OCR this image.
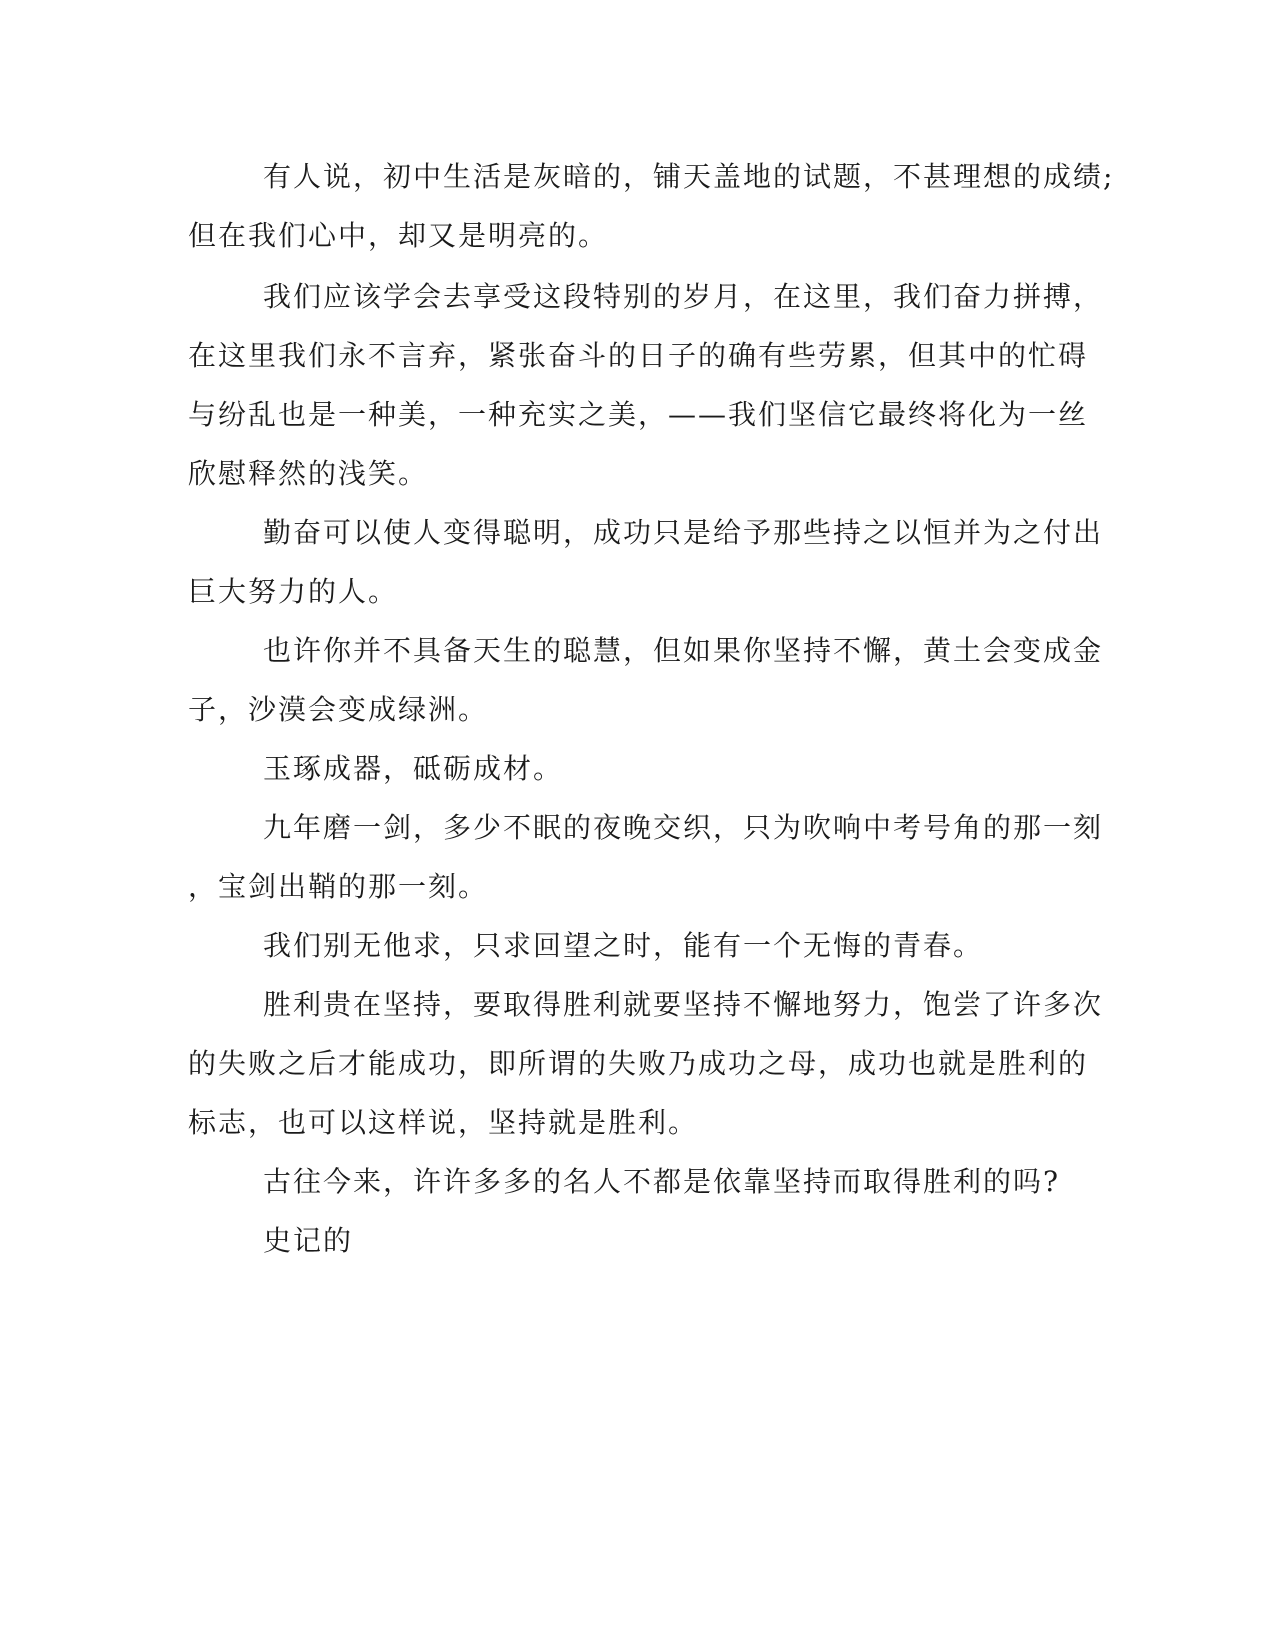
有人说，初中生活是灰暗的，铺天盖地的试题，不甚理想的成绩;
但在我们心中，却又是明亮的。
我们应该学会去享受这段特别的岁月，在这里，我们奋力拼搏，
在这里我们永不言弃，紧张奋斗的日子的确有些劳累，但其中的忙碍
与纷乱也是一种美，一种充实之美，——我们坚信它最终将化为一丝
欣慰释然的浅笑。
勤奋可以使人变得聪明，成功只是给予那些持之以恒并为之付出
巨大努力的人。
也许你并不具备天生的聪慧，但如果你坚持不懈，黄土会变成金
子，沙漠会变成绿洲。
玉琢成器，砥砺成材。
九年磨一剑，多少不眠的夜晚交织，只为吹响中考号角的那一刻
，宝剑出鞘的那一刻。
我们别无他求，只求回望之时，能有一个无悔的青春。
胜利贵在坚持，要取得胜利就要坚持不懈地努力，饱尝了许多次
的失败之后才能成功，即所谓的失败乃成功之母，成功也就是胜利的
标志，也可以这样说，坚持就是胜利。
古往今来，许许多多的名人不都是依靠坚持而取得胜利的吗?
史记的
